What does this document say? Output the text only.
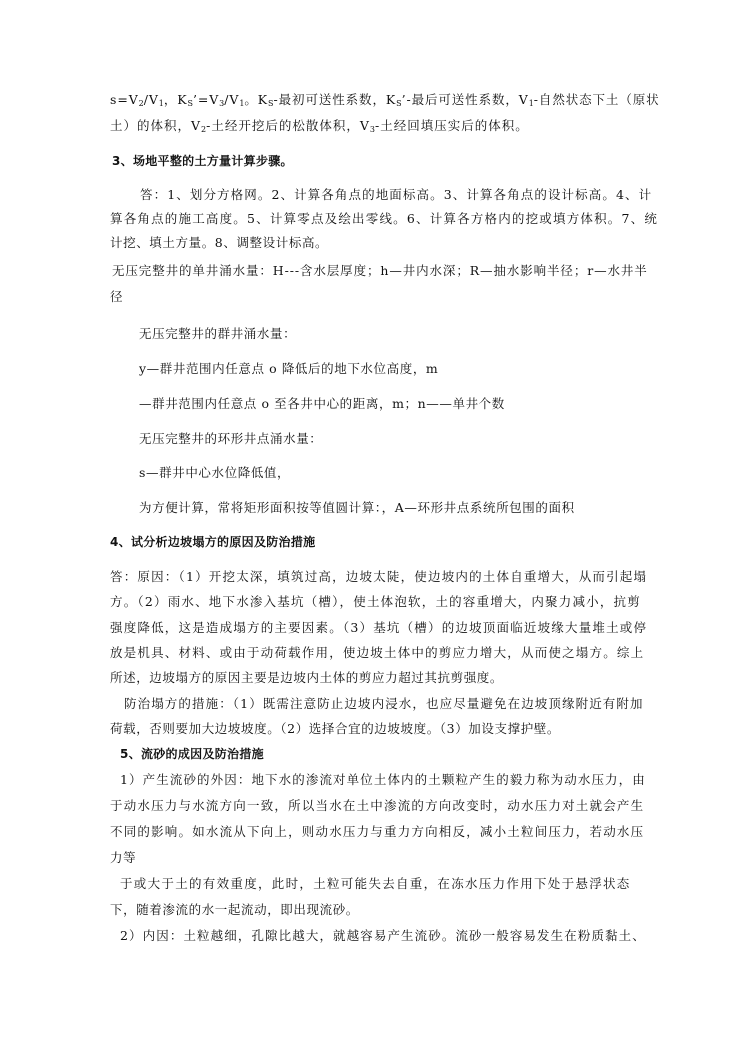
$s=V_2/V_1$，$K_S’=V_3/V_1$。$K_S-$最初可送性系数，$K_S’-$最后可送性系数，$V_1-$自然状态下土（原状
土）的体积，$V_2-$土经开挖后的松散体积，$V_3-$土经回填压实后的体积。
3、场地平整的土方量计算步骤。
答：1、划分方格网。2、计算各角点的地面标高。3、计算各角点的设计标高。4、计
算各角点的施工高度。5、计算零点及绘出零线。6、计算各方格内的挖或填方体积。7、统
计挖、填土方量。8、调整设计标高。
无压完整井的单井涌水量：H---含水层厚度；h—井内水深；R—抽水影响半径；r—水井半
径
无压完整井的群井涌水量：
y—群井范围内任意点 o 降低后的地下水位高度，m
—群井范围内任意点 o 至各井中心的距离，m；n——单井个数
无压完整井的环形井点涌水量：
s—群井中心水位降低值，
为方便计算，常将矩形面积按等值圆计算：，A—环形井点系统所包围的面积
4、试分析边坡塌方的原因及防治措施
答：原因：（1）开挖太深，填筑过高，边坡太陡，使边坡内的土体自重增大，从而引起塌
方。（2）雨水、地下水渗入基坑（槽），使土体泡软，土的容重增大，内聚力减小，抗剪
强度降低，这是造成塌方的主要因素。（3）基坑（槽）的边坡顶面临近坡缘大量堆土或停
放是机具、材料、或由于动荷载作用，使边坡土体中的剪应力增大，从而使之塌方。综上
所述，边坡塌方的原因主要是边坡内土体的剪应力超过其抗剪强度。
防治塌方的措施：（1）既需注意防止边坡内浸水，也应尽量避免在边坡顶缘附近有附加
荷载，否则要加大边坡坡度。（2）选择合宜的边坡坡度。（3）加设支撑护壁。
5、流砂的成因及防治措施
1）产生流砂的外因：地下水的渗流对单位土体内的土颗粒产生的毅力称为动水压力，由
于动水压力与水流方向一致，所以当水在土中渗流的方向改变时，动水压力对土就会产生
不同的影响。如水流从下向上，则动水压力与重力方向相反，减小土粒间压力，若动水压
力等
于或大于土的有效重度，此时，土粒可能失去自重，在冻水压力作用下处于悬浮状态
下，随着渗流的水一起流动，即出现流砂。
2）内因：土粒越细，孔隙比越大，就越容易产生流砂。流砂一般容易发生在粉质黏土、
